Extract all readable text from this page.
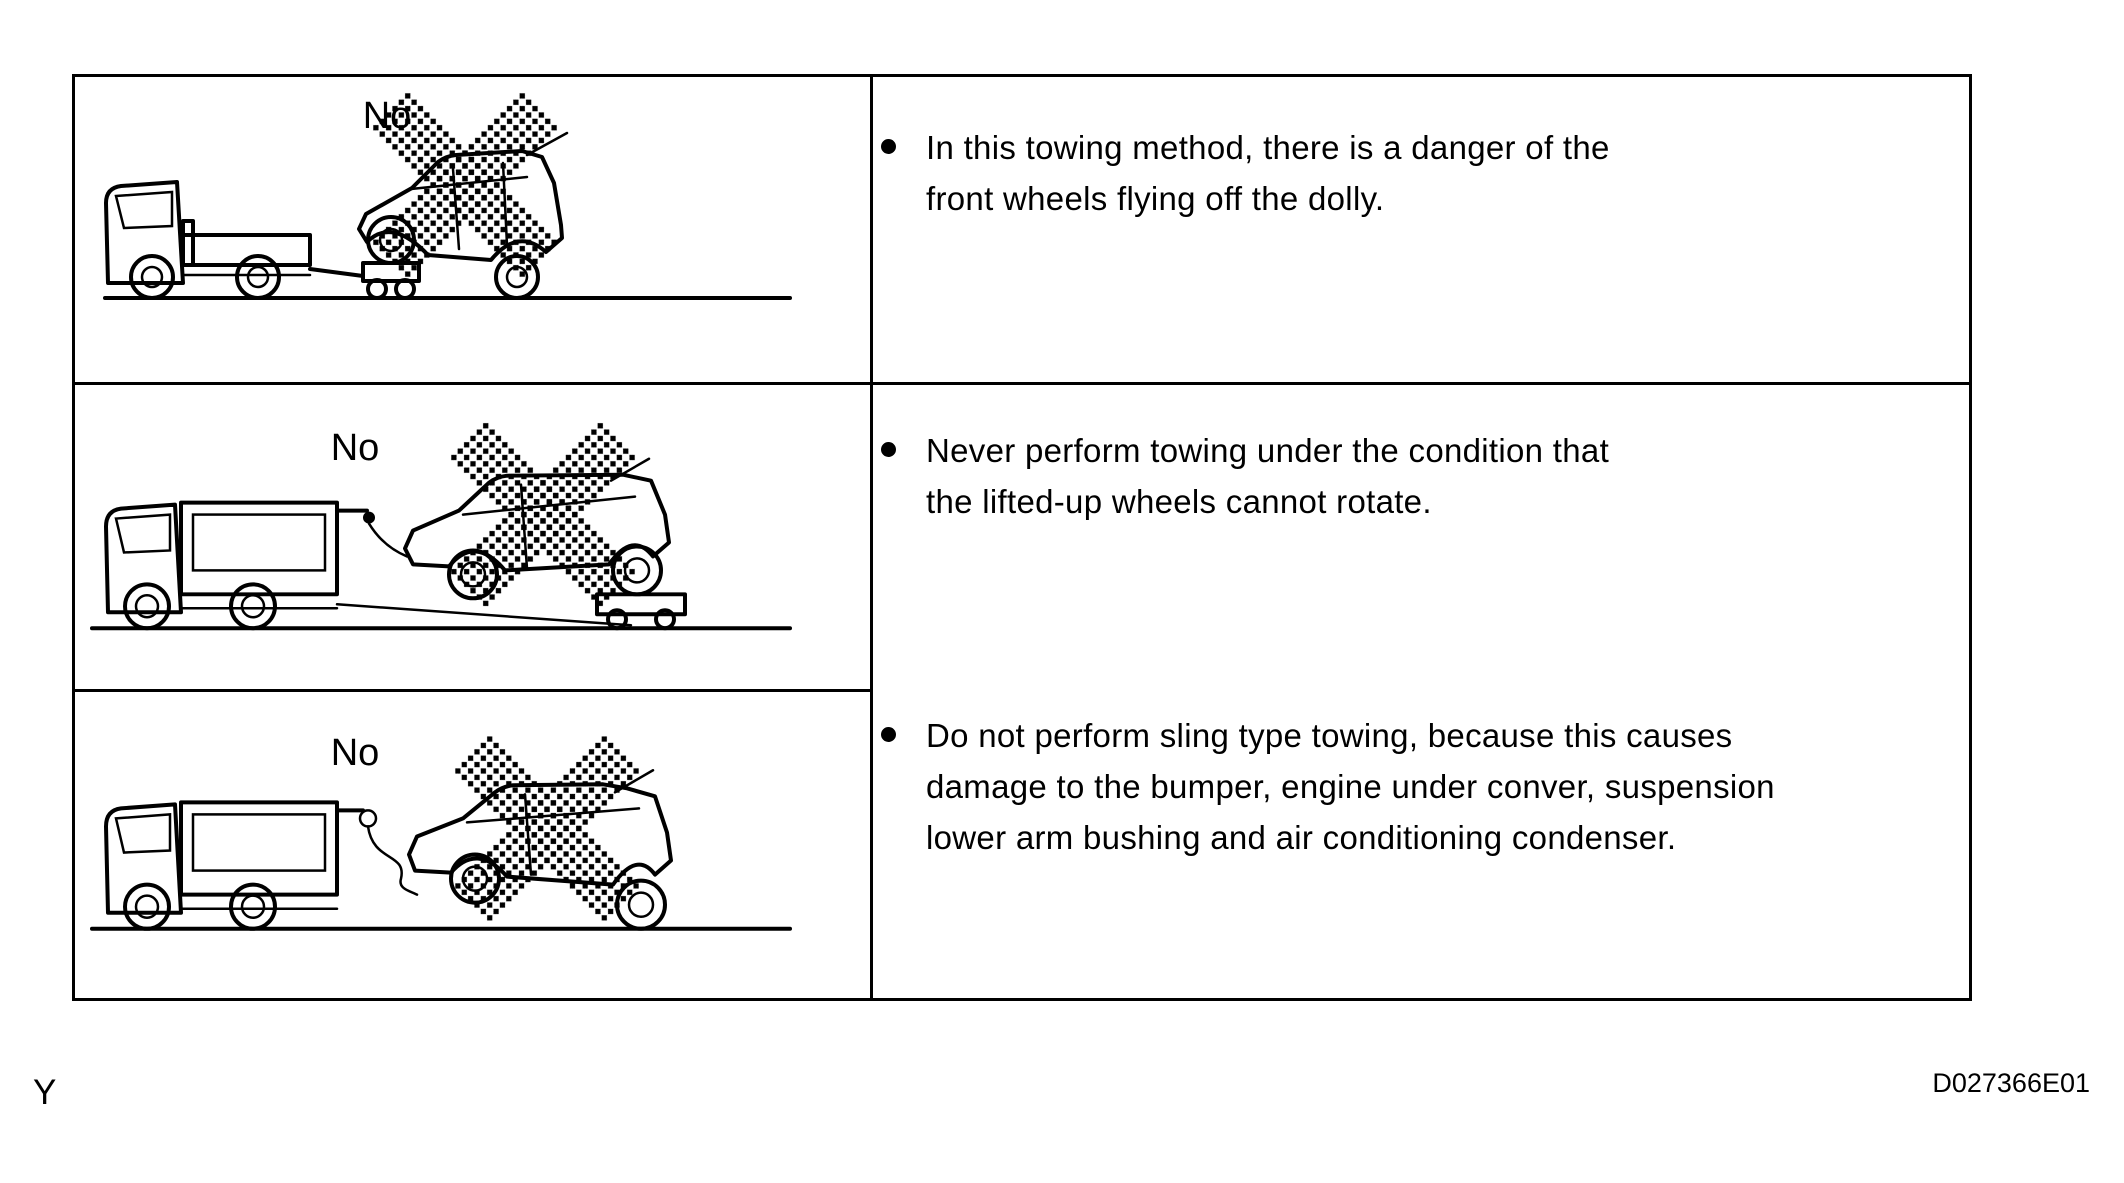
No
In this towing method, there is a danger of the
front wheels flying off the dolly.
No
No
Never perform towing under the condition that
the lifted-up wheels cannot rotate.
Do not perform sling type towing, because this causes
damage to the bumper, engine under conver, suspension
lower arm bushing and air conditioning condenser.
Y	D027366E01
